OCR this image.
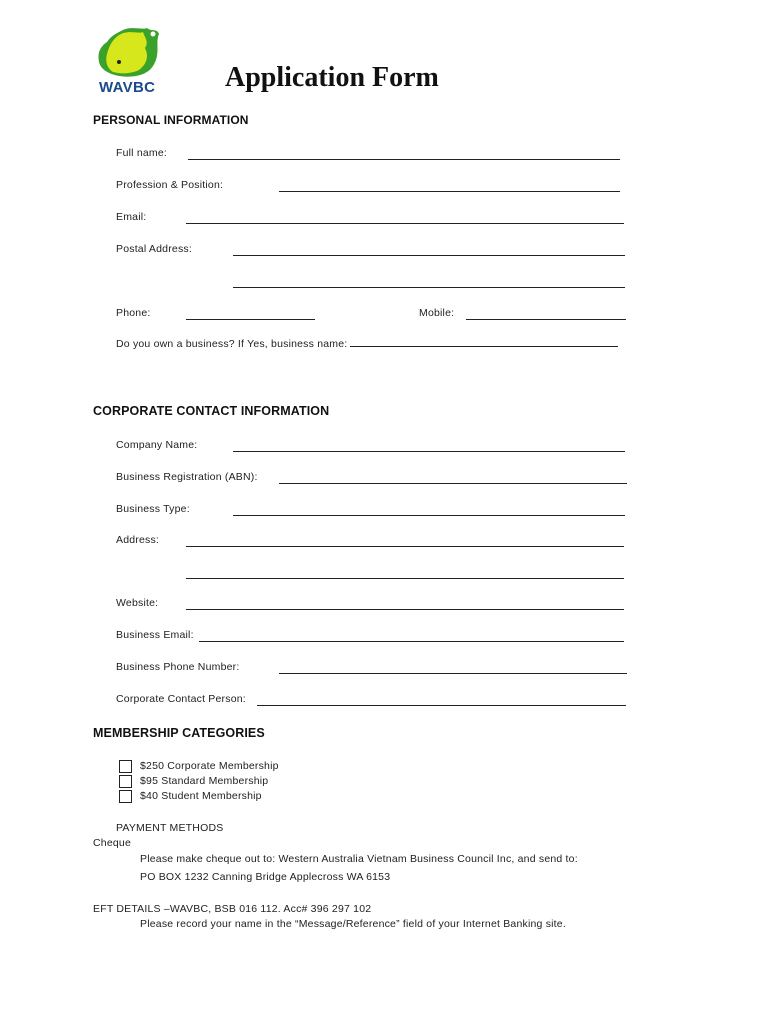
WAVBC Application Form
PERSONAL INFORMATION
Full name:
Profession & Position:
Email:
Postal Address:
Phone:	Mobile:
Do you own a business? If Yes, business name:
CORPORATE CONTACT INFORMATION
Company Name:
Business Registration (ABN):
Business Type:
Address:
Website:
Business Email:
Business Phone Number:
Corporate Contact Person:
MEMBERSHIP CATEGORIES
$250 Corporate Membership
$95 Standard Membership
$40 Student Membership
PAYMENT METHODS
Cheque
Please make cheque out to: Western Australia Vietnam Business Council Inc, and send to:
PO BOX 1232 Canning Bridge Applecross WA 6153
EFT DETAILS –WAVBC, BSB 016 112. Acc# 396 297 102
Please record your name in the “Message/Reference” field of your Internet Banking site.
